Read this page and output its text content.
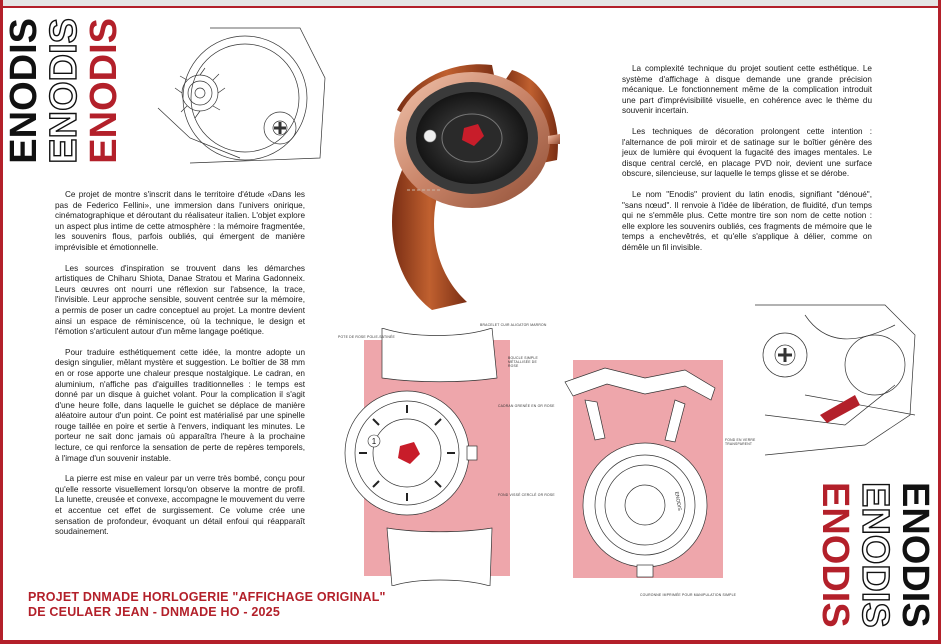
ENODIS
ENODIS
ENODIS
ENODIS
ENODIS
ENODIS

Ce projet de montre s'inscrit dans le territoire d'étude «Dans les pas de Federico Fellini», une immersion dans l'univers onirique, cinématographique et déroutant du réalisateur italien. L'objet explore un aspect plus intime de cette atmosphère : la mémoire fragmentée, les souvenirs flous, parfois oubliés, qui émergent de manière imprévisible et émotionnelle.

Les sources d'inspiration se trouvent dans les démarches artistiques de Chiharu Shiota, Danae Stratou et Marina Gadonneix. Leurs œuvres ont nourri une réflexion sur l'absence, la trace, l'invisible. Leur approche sensible, souvent centrée sur la mémoire, a permis de poser un cadre conceptuel au projet. La montre devient ainsi un espace de réminiscence, où la technique, le design et l'émotion s'articulent autour d'un même langage poétique.

Pour traduire esthétiquement cette idée, la montre adopte un design singulier, mêlant mystère et suggestion. Le boîtier de 38 mm en or rose apporte une chaleur presque nostalgique. Le cadran, en aluminium, n'affiche pas d'aiguilles traditionnelles : le temps est donné par un disque à guichet volant. Pour la complication il s'agit d'une heure folle, dans laquelle le guichet se déplace de manière aléatoire autour d'un point. Ce point est matérialisé par une spinelle rouge taillée en poire et sertie à l'envers, indiquant les minutes. Le porteur ne sait donc jamais où apparaîtra l'heure à la prochaine lecture, ce qui renforce la sensation de perte de repères temporels, à l'image d'un souvenir instable.

La pierre est mise en valeur par un verre très bombé, conçu pour qu'elle ressorte visuellement lorsqu'on observe la montre de profil. La lunette, creusée et convexe, accompagne le mouvement du verre et accentue cet effet de surgissement. Ce volume crée une sensation de profondeur, évoquant un détail enfoui qui réapparaît soudainement.

La complexité technique du projet soutient cette esthétique. Le système d'affichage à disque demande une grande précision mécanique. Le fonctionnement même de la complication introduit une part d'imprévisibilité visuelle, en cohérence avec le thème du souvenir incertain.

Les techniques de décoration prolongent cette intention : l'alternance de poli miroir et de satinage sur le boîtier génère des jeux de lumière qui évoquent la fugacité des images mentales. Le disque central cerclé, en placage PVD noir, devient une surface obscure, silencieuse, sur laquelle le temps glisse et se dérobe.

Le nom "Enodis" provient du latin enodis, signifiant "dénoué", "sans nœud". Il renvoie à l'idée de libération, de fluidité, d'un temps qui ne s'emmêle plus. Cette montre tire son nom de cette notion : elle explore les souvenirs oubliés, ces fragments de mémoire que le temps a enchevêtrés, et qu'elle s'applique à délier, comme on démêle un fil invisible.

1
ENODIS
POTE DE ROSE POLIE-SATINÉE
BRACELET CUIR ALIGATOR MARRON
BOUCLE SIMPLE MÉTALLISÉE DE ROSE
CADRAN GRENÉE EN OR ROSE
FOND EN VERRE TRANSPARENT
FOND VISSÉ CERCLÉ OR ROSE
COURONNE IMPRIMÉE POUR MANIPULATION SIMPLE
PROJET DNMADE HORLOGERIE "AFFICHAGE ORIGINAL"
DE CEULAER JEAN - DNMADE HO - 2025
